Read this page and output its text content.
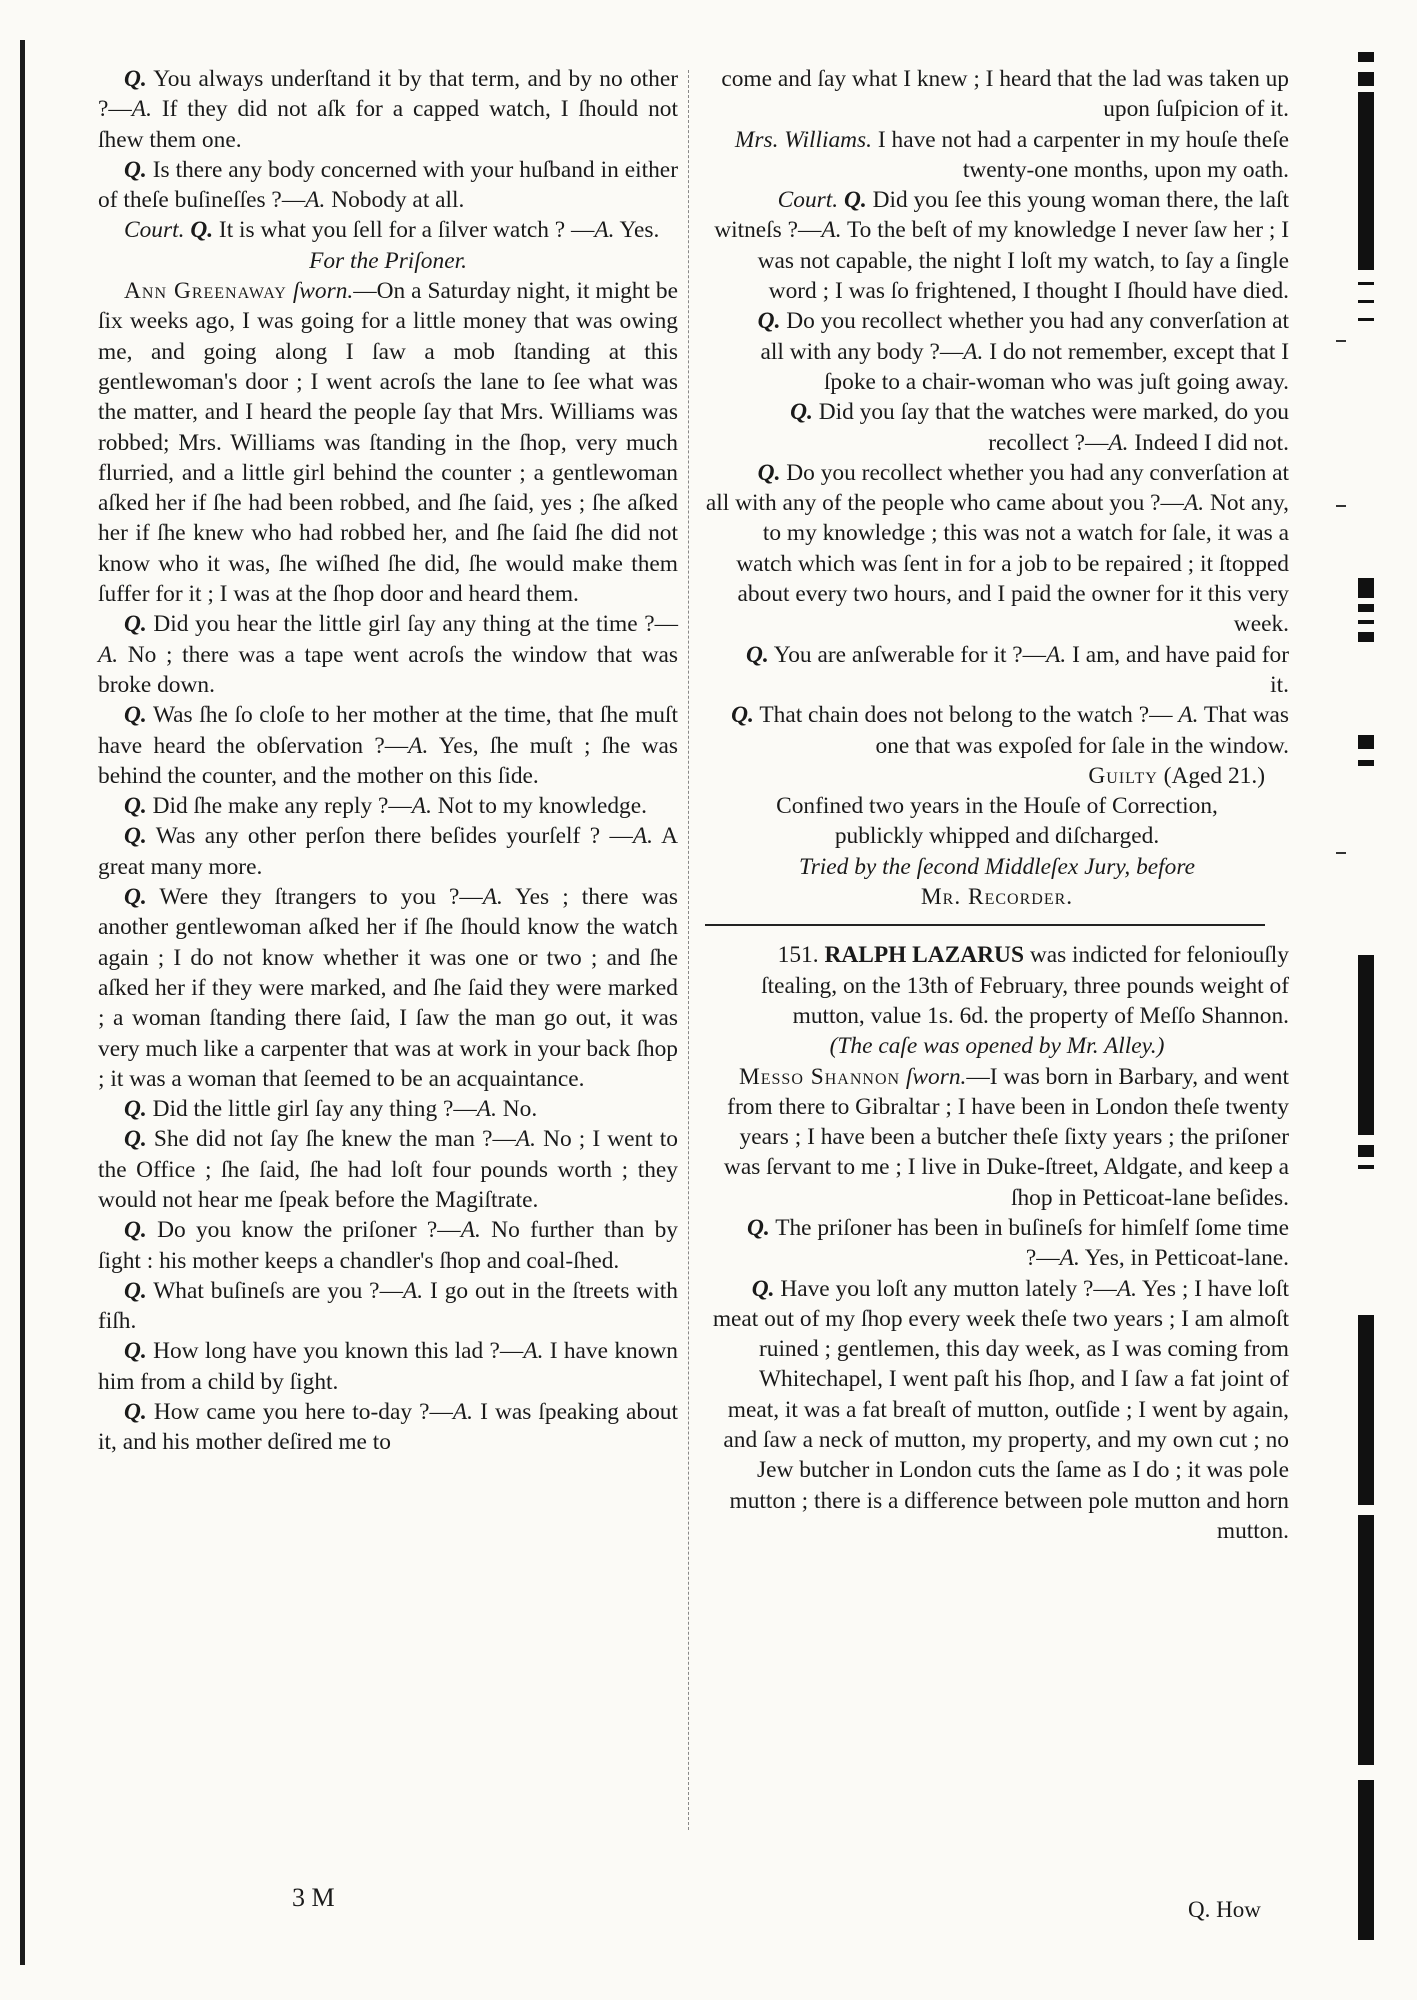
Q. You always underſtand it by that term, and by no other ?—A. If they did not aſk for a capped watch, I ſhould not ſhew them one.

Q. Is there any body concerned with your huſband in either of theſe buſineſſes ?—A. Nobody at all.

Court. Q. It is what you ſell for a ſilver watch ? —A. Yes.

For the Priſoner.

Ann Greenaway ſworn.—On a Saturday night, it might be ſix weeks ago, I was going for a little money that was owing me, and going along I ſaw a mob ſtanding at this gentlewoman's door ; I went acroſs the lane to ſee what was the matter, and I heard the people ſay that Mrs. Williams was robbed; Mrs. Williams was ſtanding in the ſhop, very much flurried, and a little girl behind the counter ; a gentlewoman aſked her if ſhe had been robbed, and ſhe ſaid, yes ; ſhe aſked her if ſhe knew who had robbed her, and ſhe ſaid ſhe did not know who it was, ſhe wiſhed ſhe did, ſhe would make them ſuffer for it ; I was at the ſhop door and heard them.

Q. Did you hear the little girl ſay any thing at the time ?—A. No ; there was a tape went acroſs the window that was broke down.

Q. Was ſhe ſo cloſe to her mother at the time, that ſhe muſt have heard the obſervation ?—A. Yes, ſhe muſt ; ſhe was behind the counter, and the mother on this ſide.

Q. Did ſhe make any reply ?—A. Not to my knowledge.

Q. Was any other perſon there beſides yourſelf ? —A. A great many more.

Q. Were they ſtrangers to you ?—A. Yes ; there was another gentlewoman aſked her if ſhe ſhould know the watch again ; I do not know whether it was one or two ; and ſhe aſked her if they were marked, and ſhe ſaid they were marked ; a woman ſtanding there ſaid, I ſaw the man go out, it was very much like a carpenter that was at work in your back ſhop ; it was a woman that ſeemed to be an acquaintance.

Q. Did the little girl ſay any thing ?—A. No.

Q. She did not ſay ſhe knew the man ?—A. No ; I went to the Office ; ſhe ſaid, ſhe had loſt four pounds worth ; they would not hear me ſpeak before the Magiſtrate.

Q. Do you know the priſoner ?—A. No further than by ſight : his mother keeps a chandler's ſhop and coal-ſhed.

Q. What buſineſs are you ?—A. I go out in the ſtreets with fiſh.

Q. How long have you known this lad ?—A. I have known him from a child by ſight.

Q. How came you here to-day ?—A. I was ſpeaking about it, and his mother deſired me to

come and ſay what I knew ; I heard that the lad was taken up upon ſuſpicion of it.

Mrs. Williams. I have not had a carpenter in my houſe theſe twenty-one months, upon my oath.

Court. Q. Did you ſee this young woman there, the laſt witneſs ?—A. To the beſt of my knowledge I never ſaw her ; I was not capable, the night I loſt my watch, to ſay a ſingle word ; I was ſo frightened, I thought I ſhould have died.

Q. Do you recollect whether you had any converſation at all with any body ?—A. I do not remember, except that I ſpoke to a chair-woman who was juſt going away.

Q. Did you ſay that the watches were marked, do you recollect ?—A. Indeed I did not.

Q. Do you recollect whether you had any converſation at all with any of the people who came about you ?—A. Not any, to my knowledge ; this was not a watch for ſale, it was a watch which was ſent in for a job to be repaired ; it ſtopped about every two hours, and I paid the owner for it this very week.

Q. You are anſwerable for it ?—A. I am, and have paid for it.

Q. That chain does not belong to the watch ?— A. That was one that was expoſed for ſale in the window.

Guilty (Aged 21.)

Confined two years in the Houſe of Correction,

publickly whipped and diſcharged.

Tried by the ſecond Middleſex Jury, before

Mr. Recorder.

151. RALPH LAZARUS was indicted for feloniouſly ſtealing, on the 13th of February, three pounds weight of mutton, value 1s. 6d. the property of Meſſo Shannon.

(The caſe was opened by Mr. Alley.)

Messo Shannon ſworn.—I was born in Barbary, and went from there to Gibraltar ; I have been in London theſe twenty years ; I have been a butcher theſe ſixty years ; the priſoner was ſervant to me ; I live in Duke-ſtreet, Aldgate, and keep a ſhop in Petticoat-lane beſides.

Q. The priſoner has been in buſineſs for himſelf ſome time ?—A. Yes, in Petticoat-lane.

Q. Have you loſt any mutton lately ?—A. Yes ; I have loſt meat out of my ſhop every week theſe two years ; I am almoſt ruined ; gentlemen, this day week, as I was coming from Whitechapel, I went paſt his ſhop, and I ſaw a fat joint of meat, it was a fat breaſt of mutton, outſide ; I went by again, and ſaw a neck of mutton, my property, and my own cut ; no Jew butcher in London cuts the ſame as I do ; it was pole mutton ; there is a difference between pole mutton and horn mutton.

3 M	Q. How
